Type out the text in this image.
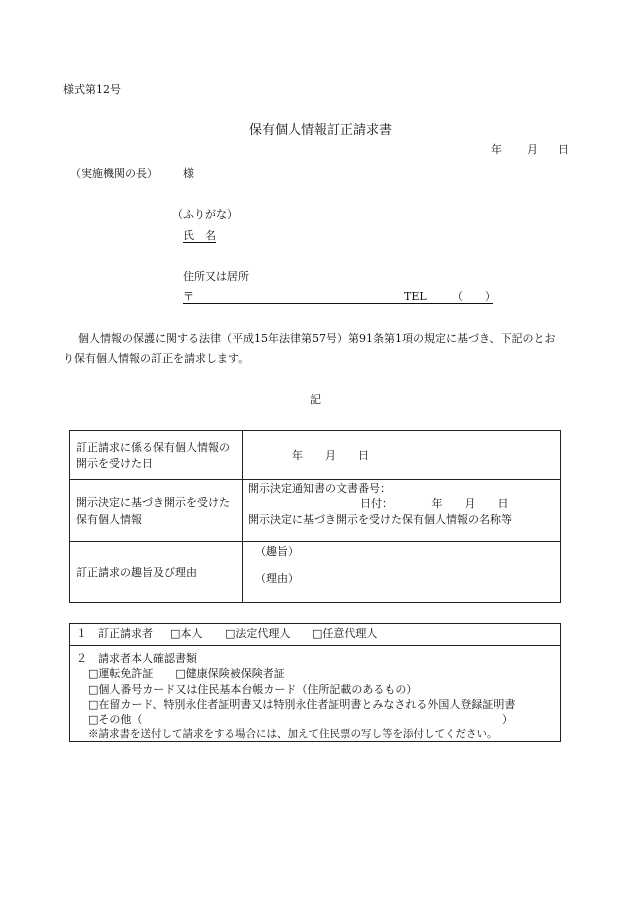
様式第12号
保有個人情報訂正請求書
年 月 日
（実施機関の長） 様
（ふりがな）
氏　名
住所又は居所
〒	TEL （　　）
個人情報の保護に関する法律（平成15年法律第57号）第91条第1項の規定に基づき、下記のとお
り保有個人情報の訂正を請求します。
記
訂正請求に係る保有個人情報の
開示を受けた日
年　　月　　日
開示決定に基づき開示を受けた
保有個人情報
開示決定通知書の文書番号：
日付：　　　　年　　月　　日
開示決定に基づき開示を受けた保有個人情報の名称等
訂正請求の趣旨及び理由
（趣旨）
（理由）
１　訂正請求者 □本人 □法定代理人 □任意代理人
２　請求者本人確認書類
□運転免許証　　□健康保険被保険者証
□個人番号カード又は住民基本台帳カード（住所記載のあるもの）
□在留カード、特別永住者証明書又は特別永住者証明書とみなされる外国人登録証明書
□その他（	）
※請求書を送付して請求をする場合には、加えて住民票の写し等を添付してください。
